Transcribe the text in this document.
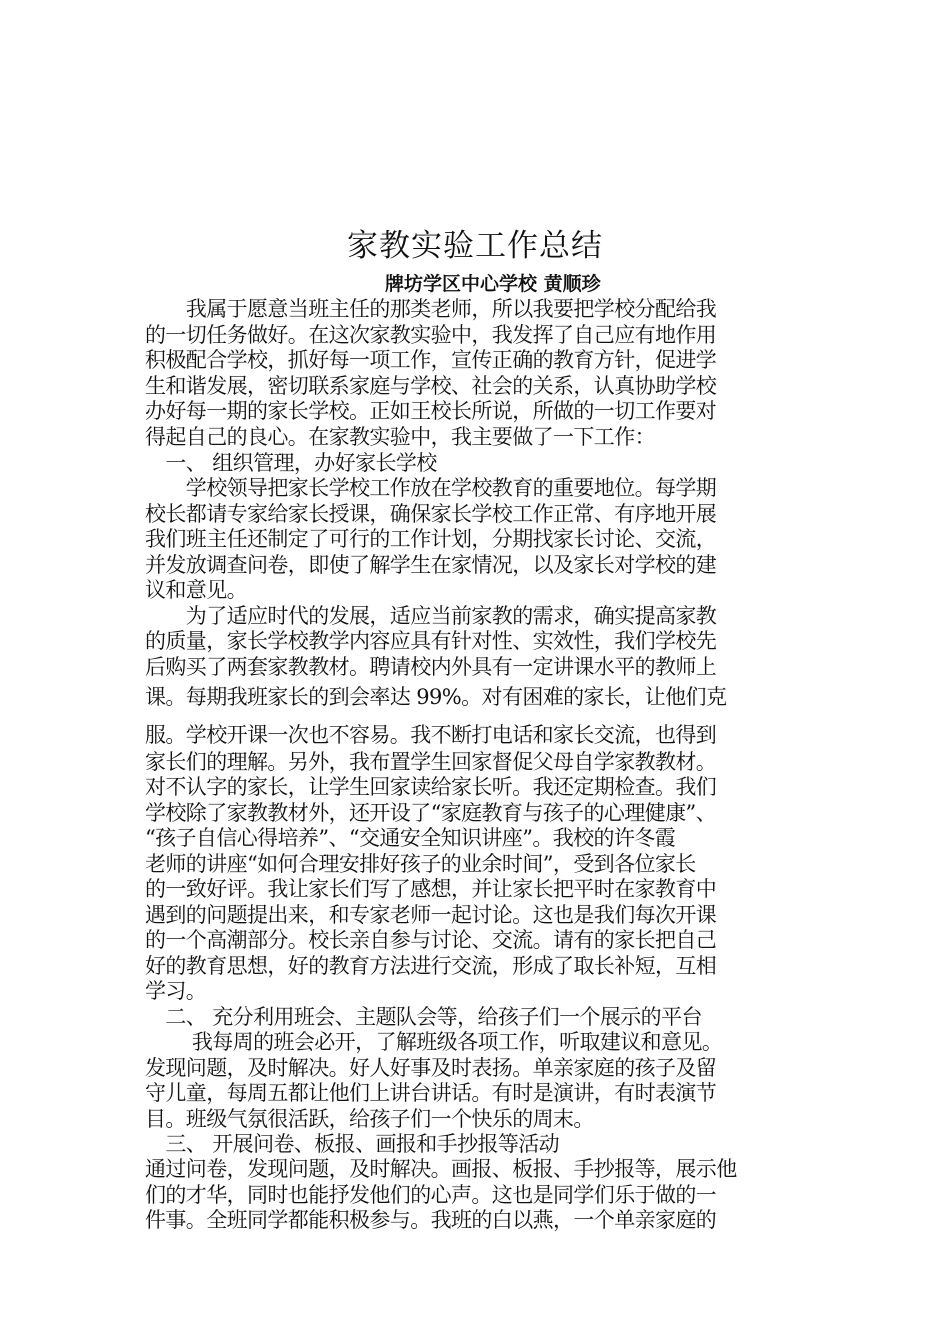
家教实验工作总结
牌坊学区中心学校 黄顺珍
　　我属于愿意当班主任的那类老师，所以我要把学校分配给我
的一切任务做好。在这次家教实验中，我发挥了自己应有地作用
积极配合学校，抓好每一项工作，宣传正确的教育方针，促进学
生和谐发展，密切联系家庭与学校、社会的关系，认真协助学校
办好每一期的家长学校。正如王校长所说，所做的一切工作要对
得起自己的良心。在家教实验中，我主要做了一下工作：
　一、 组织管理，办好家长学校
　　学校领导把家长学校工作放在学校教育的重要地位。每学期
校长都请专家给家长授课，确保家长学校工作正常、有序地开展
我们班主任还制定了可行的工作计划，分期找家长讨论、交流，
并发放调查问卷，即使了解学生在家情况，以及家长对学校的建
议和意见。
　　为了适应时代的发展，适应当前家教的需求，确实提高家教
的质量，家长学校教学内容应具有针对性、实效性，我们学校先
后购买了两套家教教材。聘请校内外具有一定讲课水平的教师上
课。每期我班家长的到会率达 99%。对有困难的家长，让他们克
服。学校开课一次也不容易。我不断打电话和家长交流，也得到
家长们的理解。另外，我布置学生回家督促父母自学家教教材。
对不认字的家长，让学生回家读给家长听。我还定期检查。我们
学校除了家教教材外，还开设了“家庭教育与孩子的心理健康”、
“孩子自信心得培养”、“交通安全知识讲座”。我校的许冬霞
老师的讲座“如何合理安排好孩子的业余时间”，受到各位家长
的一致好评。我让家长们写了感想，并让家长把平时在家教育中
遇到的问题提出来，和专家老师一起讨论。这也是我们每次开课
的一个高潮部分。校长亲自参与讨论、交流。请有的家长把自己
好的教育思想，好的教育方法进行交流，形成了取长补短，互相
学习。
　二、 充分利用班会、主题队会等，给孩子们一个展示的平台
　　 我每周的班会必开，了解班级各项工作，听取建议和意见。
发现问题，及时解决。好人好事及时表扬。单亲家庭的孩子及留
守儿童，每周五都让他们上讲台讲话。有时是演讲，有时表演节
目。班级气氛很活跃，给孩子们一个快乐的周末。
　三、 开展问卷、板报、画报和手抄报等活动
通过问卷，发现问题，及时解决。画报、板报、手抄报等，展示他
们的才华，同时也能抒发他们的心声。这也是同学们乐于做的一
件事。全班同学都能积极参与。我班的白以燕，一个单亲家庭的
